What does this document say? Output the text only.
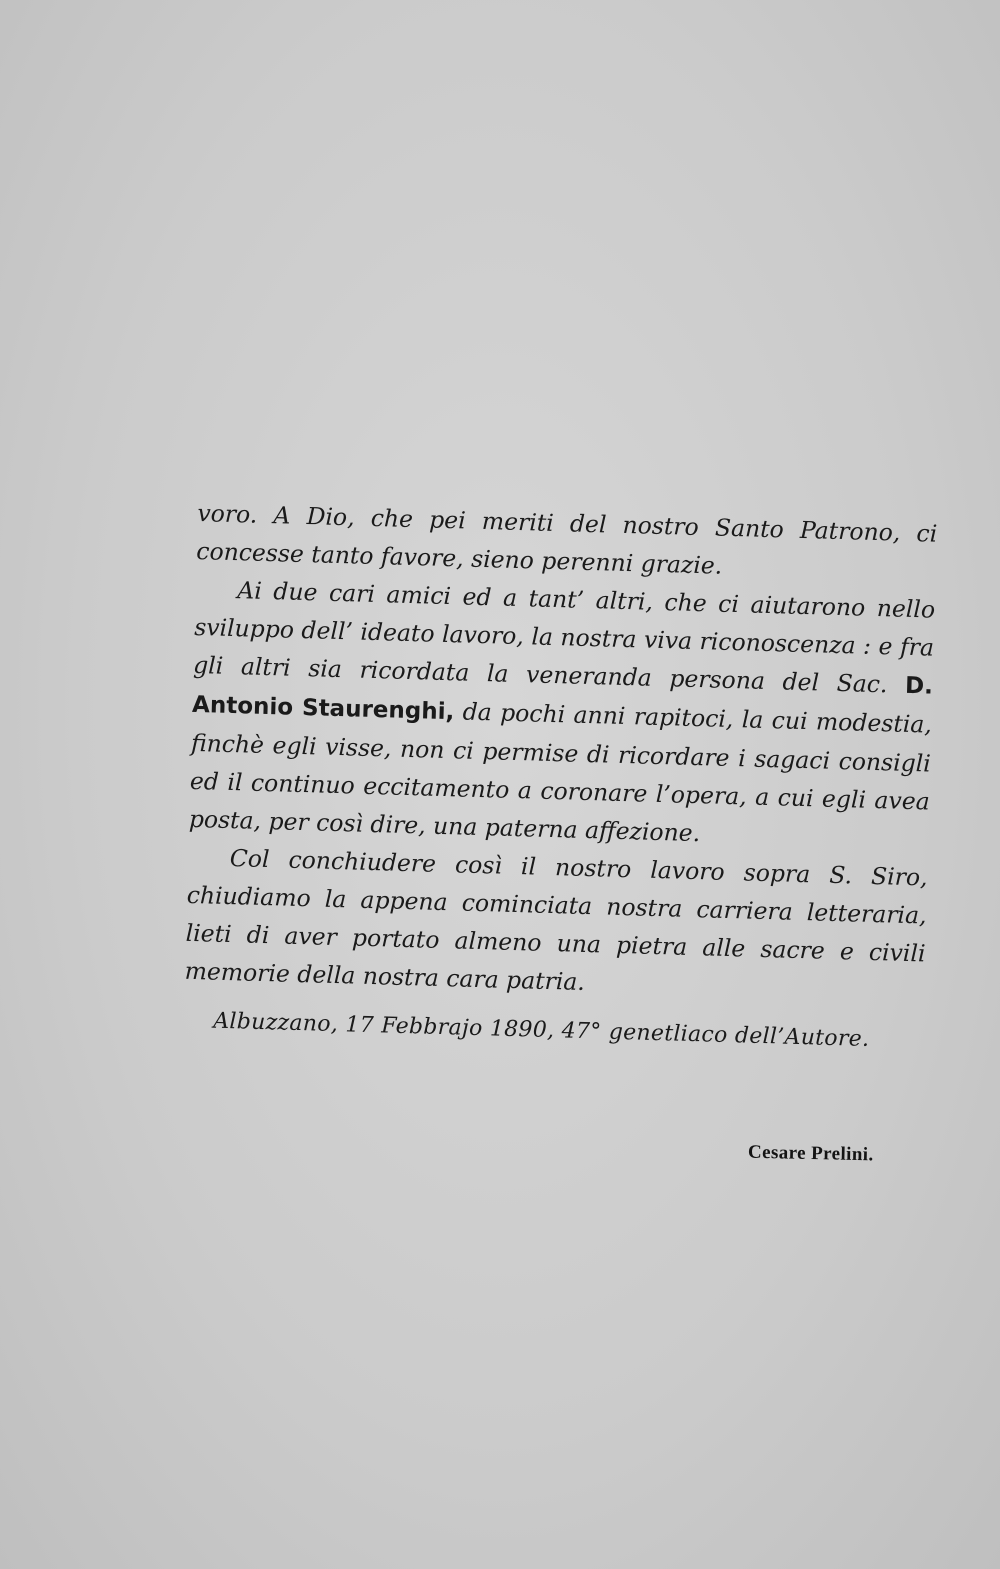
voro. A Dio, che pei meriti del nostro Santo Patrono, ci concesse tanto favore, sieno perenni grazie.

Ai due cari amici ed a tant’ altri, che ci aiutarono nello sviluppo dell’ ideato lavoro, la nostra viva riconoscenza : e fra gli altri sia ricordata la veneranda persona del Sac. D. Antonio Staurenghi, da pochi anni rapitoci, la cui modestia, finchè egli visse, non ci permise di ricordare i sagaci consigli ed il continuo eccitamento a coronare l’opera, a cui egli avea posta, per così dire, una paterna affezione.

Col conchiudere così il nostro lavoro sopra S. Siro, chiudiamo la appena cominciata nostra carriera letteraria, lieti di aver portato almeno una pietra alle sacre e civili memorie della nostra cara patria.

Albuzzano, 17 Febbrajo 1890, 47° genetliaco dell’Autore.

Cesare Prelini.
